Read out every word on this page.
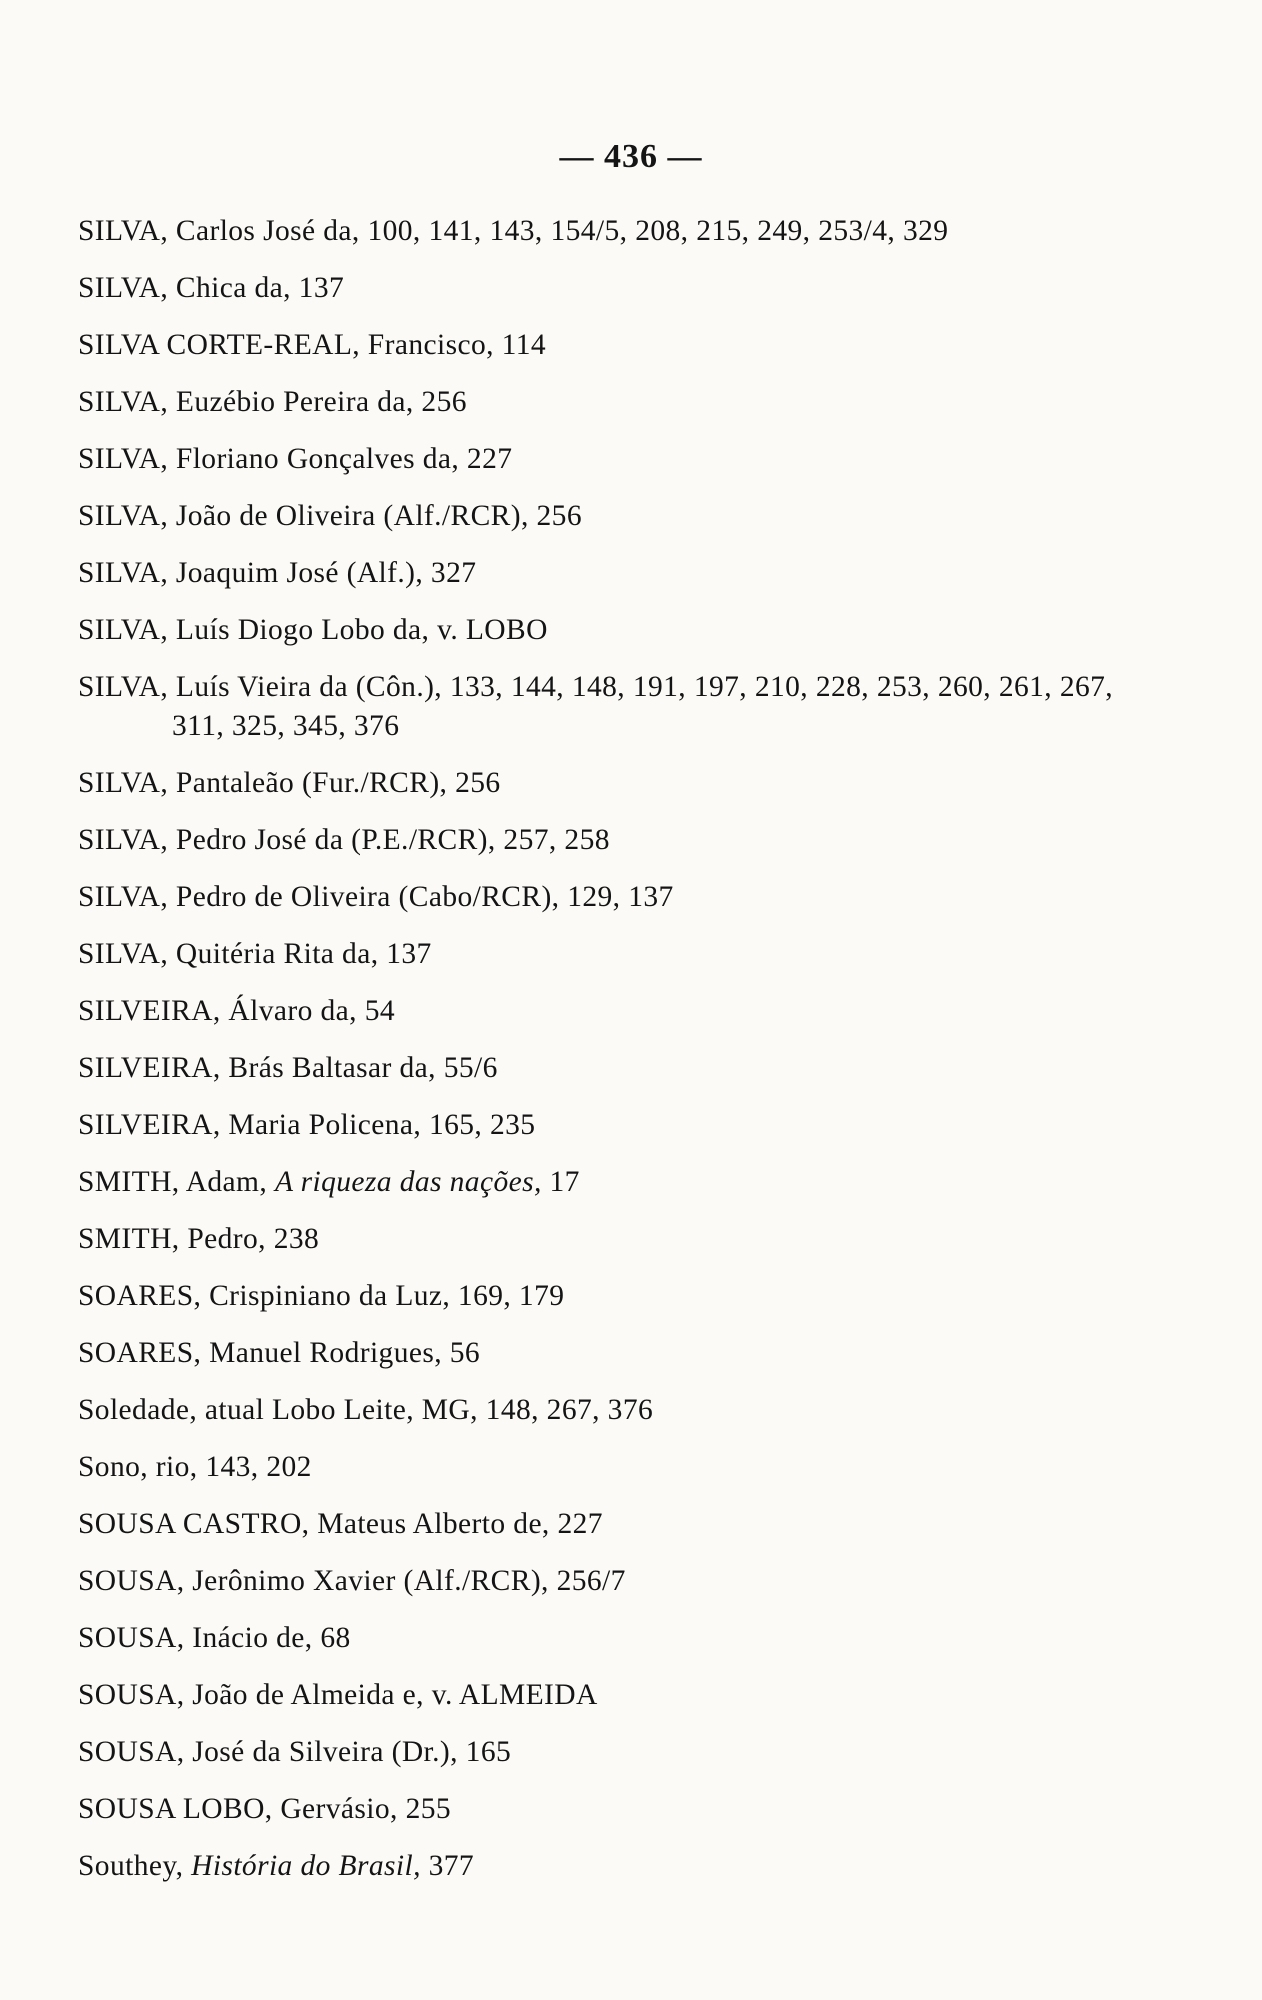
— 436 —
SILVA, Carlos José da, 100, 141, 143, 154/5, 208, 215, 249, 253/4, 329
SILVA, Chica da, 137
SILVA CORTE-REAL, Francisco, 114
SILVA, Euzébio Pereira da, 256
SILVA, Floriano Gonçalves da, 227
SILVA, João de Oliveira (Alf./RCR), 256
SILVA, Joaquim José (Alf.), 327
SILVA, Luís Diogo Lobo da, v. LOBO
SILVA, Luís Vieira da (Côn.), 133, 144, 148, 191, 197, 210, 228, 253, 260, 261, 267, 311, 325, 345, 376
SILVA, Pantaleão (Fur./RCR), 256
SILVA, Pedro José da (P.E./RCR), 257, 258
SILVA, Pedro de Oliveira (Cabo/RCR), 129, 137
SILVA, Quitéria Rita da, 137
SILVEIRA, Álvaro da, 54
SILVEIRA, Brás Baltasar da, 55/6
SILVEIRA, Maria Policena, 165, 235
SMITH, Adam, A riqueza das nações, 17
SMITH, Pedro, 238
SOARES, Crispiniano da Luz, 169, 179
SOARES, Manuel Rodrigues, 56
Soledade, atual Lobo Leite, MG, 148, 267, 376
Sono, rio, 143, 202
SOUSA CASTRO, Mateus Alberto de, 227
SOUSA, Jerônimo Xavier (Alf./RCR), 256/7
SOUSA, Inácio de, 68
SOUSA, João de Almeida e, v. ALMEIDA
SOUSA, José da Silveira (Dr.), 165
SOUSA LOBO, Gervásio, 255
Southey, História do Brasil, 377
